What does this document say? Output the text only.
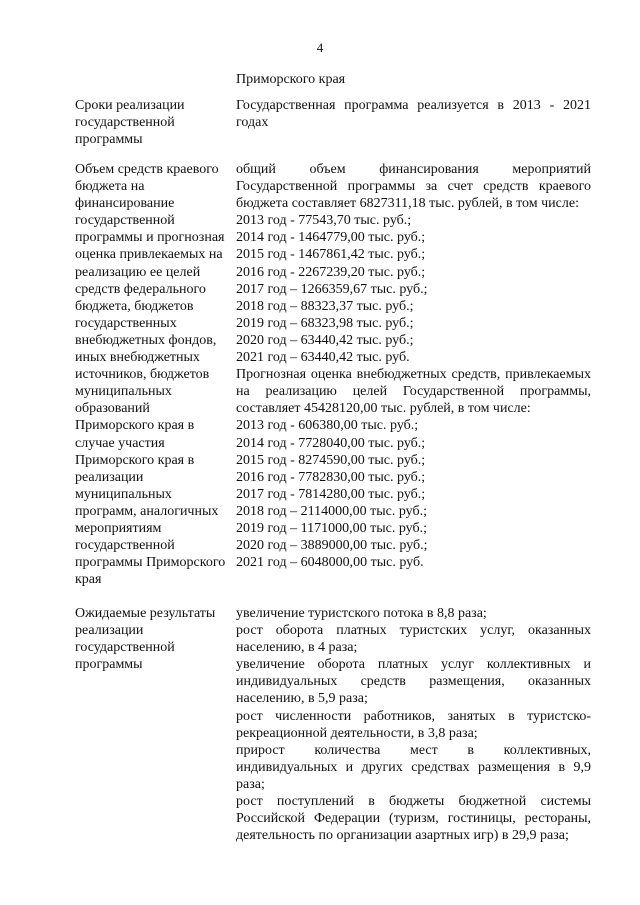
4
Приморского края
Сроки реализации
государственной
программы

Государственная программа реализуется в 2013 - 2021 годах

Объем средств краевого
бюджета на
финансирование
государственной
программы и прогнозная
оценка привлекаемых на
реализацию ее целей
средств федерального
бюджета, бюджетов
государственных
внебюджетных фондов,
иных внебюджетных
источников, бюджетов
муниципальных
образований
Приморского края в
случае участия
Приморского края в
реализации
муниципальных
программ, аналогичных
мероприятиям
государственной
программы Приморского
края

общий объем финансирования мероприятий Государственной программы за счет средств краевого бюджета составляет 6827311,18 тыс. рублей, в том числе:

2013 год - 77543,70 тыс. руб.;
2014 год - 1464779,00 тыс. руб.;
2015 год - 1467861,42 тыс. руб.;
2016 год - 2267239,20 тыс. руб.;
2017 год – 1266359,67 тыс. руб.;
2018 год – 88323,37 тыс. руб.;
2019 год – 68323,98 тыс. руб.;
2020 год – 63440,42 тыс. руб.;
2021 год – 63440,42 тыс. руб.

Прогнозная оценка внебюджетных средств, привлекаемых на реализацию целей Государственной программы, составляет 45428120,00 тыс. рублей, в том числе:

2013 год - 606380,00 тыс. руб.;
2014 год - 7728040,00 тыс. руб.;
2015 год - 8274590,00 тыс. руб.;
2016 год - 7782830,00 тыс. руб.;
2017 год - 7814280,00 тыс. руб.;
2018 год – 2114000,00 тыс. руб.;
2019 год – 1171000,00 тыс. руб.;
2020 год – 3889000,00 тыс. руб.;
2021 год – 6048000,00 тыс. руб.
Ожидаемые результаты
реализации
государственной
программы

увеличение туристского потока в 8,8 раза;

рост оборота платных туристских услуг, оказанных населению, в 4 раза;

увеличение оборота платных услуг коллективных и индивидуальных средств размещения, оказанных населению, в 5,9 раза;

рост численности работников, занятых в туристско-рекреационной деятельности, в 3,8 раза;

прирост количества мест в коллективных, индивидуальных и других средствах размещения в 9,9 раза;

рост поступлений в бюджеты бюджетной системы Российской Федерации (туризм, гостиницы, рестораны, деятельность по организации азартных игр) в 29,9 раза;
